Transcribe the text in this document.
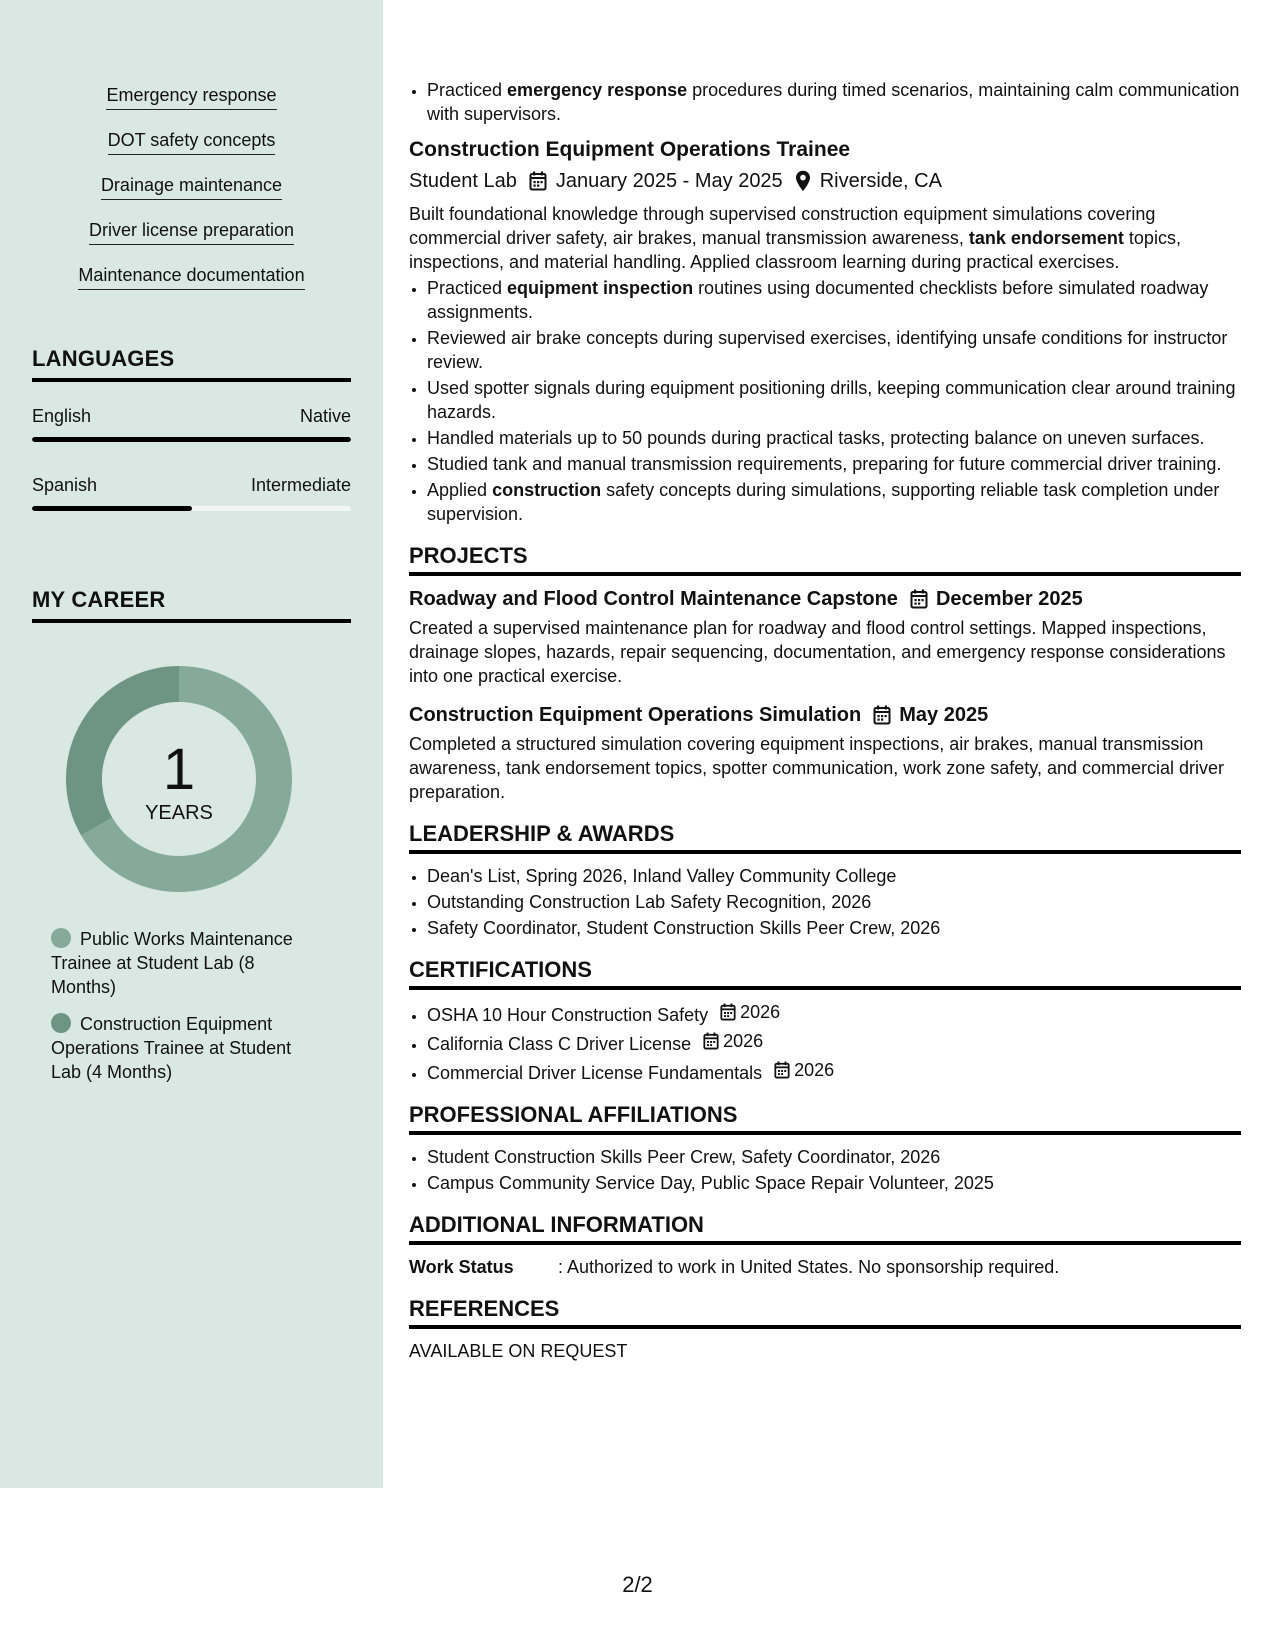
Emergency response
DOT safety concepts
Drainage maintenance
Driver license preparation
Maintenance documentation
LANGUAGES
English	Native
Spanish	Intermediate
MY CAREER
1
YEARS
Public Works Maintenance Trainee at Student Lab (8 Months)
Construction Equipment Operations Trainee at Student Lab (4 Months)
• Practiced emergency response procedures during timed scenarios, maintaining calm communication with supervisors.
Construction Equipment Operations Trainee
Student Lab January 2025 - May 2025 Riverside, CA
Built foundational knowledge through supervised construction equipment simulations covering commercial driver safety, air brakes, manual transmission awareness, tank endorsement topics, inspections, and material handling. Applied classroom learning during practical exercises.
• Practiced equipment inspection routines using documented checklists before simulated roadway assignments.
• Reviewed air brake concepts during supervised exercises, identifying unsafe conditions for instructor review.
• Used spotter signals during equipment positioning drills, keeping communication clear around training hazards.
• Handled materials up to 50 pounds during practical tasks, protecting balance on uneven surfaces.
• Studied tank and manual transmission requirements, preparing for future commercial driver training.
• Applied construction safety concepts during simulations, supporting reliable task completion under supervision.
PROJECTS
Roadway and Flood Control Maintenance Capstone December 2025
Created a supervised maintenance plan for roadway and flood control settings. Mapped inspections, drainage slopes, hazards, repair sequencing, documentation, and emergency response considerations into one practical exercise.
Construction Equipment Operations Simulation May 2025
Completed a structured simulation covering equipment inspections, air brakes, manual transmission awareness, tank endorsement topics, spotter communication, work zone safety, and commercial driver preparation.
LEADERSHIP & AWARDS
• Dean's List, Spring 2026, Inland Valley Community College
• Outstanding Construction Lab Safety Recognition, 2026
• Safety Coordinator, Student Construction Skills Peer Crew, 2026
CERTIFICATIONS
• OSHA 10 Hour Construction Safety 2026
• California Class C Driver License 2026
• Commercial Driver License Fundamentals 2026
PROFESSIONAL AFFILIATIONS
• Student Construction Skills Peer Crew, Safety Coordinator, 2026
• Campus Community Service Day, Public Space Repair Volunteer, 2025
ADDITIONAL INFORMATION
Work Status	: Authorized to work in United States. No sponsorship required.
REFERENCES
AVAILABLE ON REQUEST
2/2
